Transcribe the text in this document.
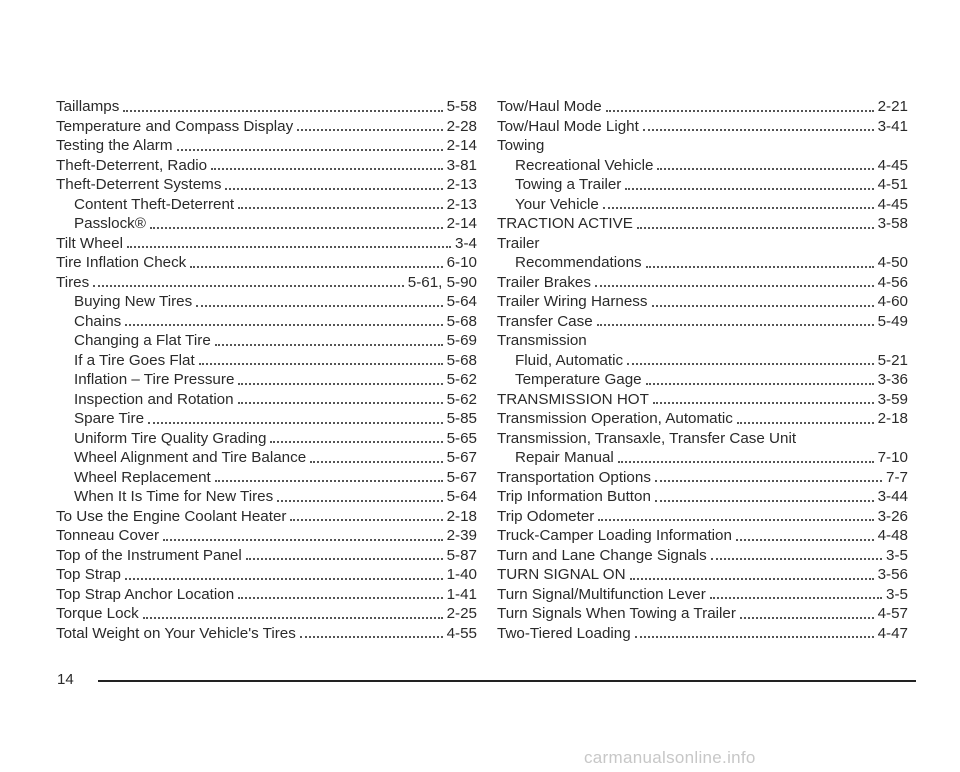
Taillamps	5-58
Temperature and Compass Display	2-28
Testing the Alarm	2-14
Theft-Deterrent, Radio	3-81
Theft-Deterrent Systems	2-13
Content Theft-Deterrent	2-13
Passlock®	2-14
Tilt Wheel	3-4
Tire Inflation Check	6-10
Tires	5-61, 5-90
Buying New Tires	5-64
Chains	5-68
Changing a Flat Tire	5-69
If a Tire Goes Flat	5-68
Inflation – Tire Pressure	5-62
Inspection and Rotation	5-62
Spare Tire	5-85
Uniform Tire Quality Grading	5-65
Wheel Alignment and Tire Balance	5-67
Wheel Replacement	5-67
When It Is Time for New Tires	5-64
To Use the Engine Coolant Heater	2-18
Tonneau Cover	2-39
Top of the Instrument Panel	5-87
Top Strap	1-40
Top Strap Anchor Location	1-41
Torque Lock	2-25
Total Weight on Your Vehicle's Tires	4-55
Tow/Haul Mode	2-21
Tow/Haul Mode Light	3-41
Towing
Recreational Vehicle	4-45
Towing a Trailer	4-51
Your Vehicle	4-45
TRACTION ACTIVE	3-58
Trailer
Recommendations	4-50
Trailer Brakes	4-56
Trailer Wiring Harness	4-60
Transfer Case	5-49
Transmission
Fluid, Automatic	5-21
Temperature Gage	3-36
TRANSMISSION HOT	3-59
Transmission Operation, Automatic	2-18
Transmission, Transaxle, Transfer Case Unit
Repair Manual	7-10
Transportation Options	7-7
Trip Information Button	3-44
Trip Odometer	3-26
Truck-Camper Loading Information	4-48
Turn and Lane Change Signals	3-5
TURN SIGNAL ON	3-56
Turn Signal/Multifunction Lever	3-5
Turn Signals When Towing a Trailer	4-57
Two-Tiered Loading	4-47
14
carmanualsonline.info
